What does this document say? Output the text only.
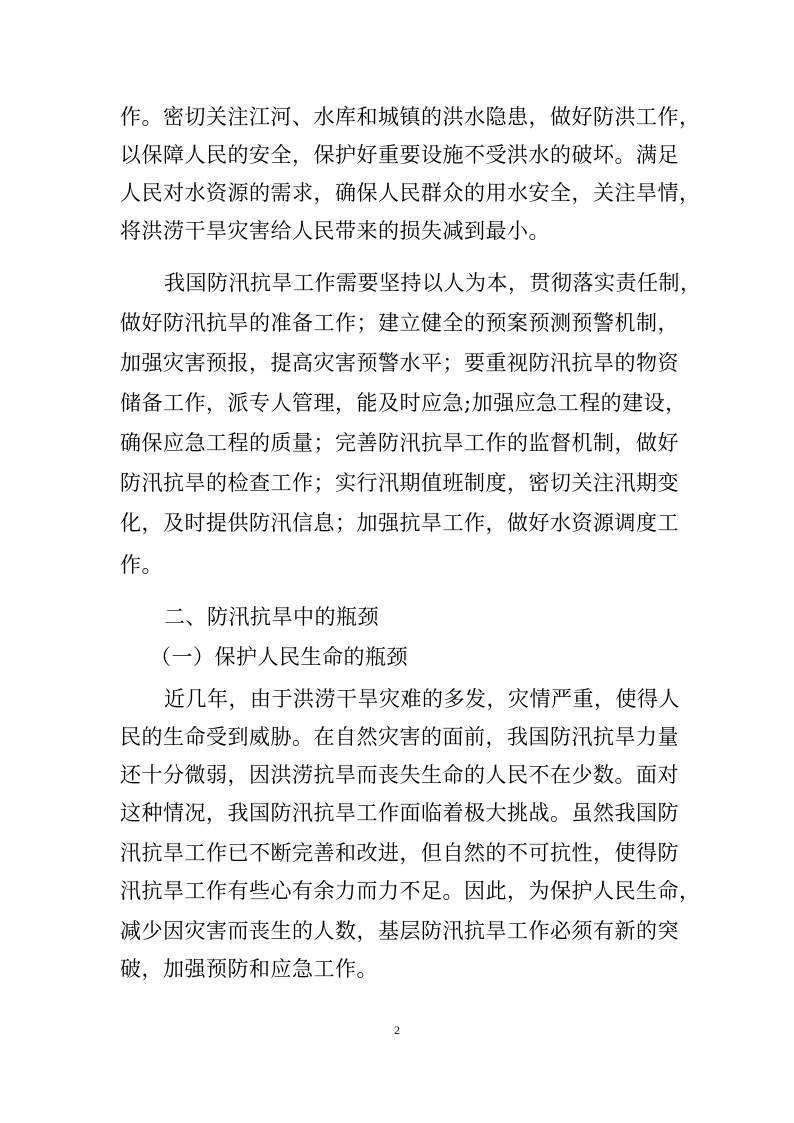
作。密切关注江河、水库和城镇的洪水隐患，做好防洪工作，
以保障人民的安全，保护好重要设施不受洪水的破坏。满足
人民对水资源的需求，确保人民群众的用水安全，关注旱情，
将洪涝干旱灾害给人民带来的损失减到最小。
我国防汛抗旱工作需要坚持以人为本，贯彻落实责任制，
做好防汛抗旱的准备工作；建立健全的预案预测预警机制，
加强灾害预报，提高灾害预警水平；要重视防汛抗旱的物资
储备工作，派专人管理，能及时应急;加强应急工程的建设，
确保应急工程的质量；完善防汛抗旱工作的监督机制，做好
防汛抗旱的检查工作；实行汛期值班制度，密切关注汛期变
化，及时提供防汛信息；加强抗旱工作，做好水资源调度工
作。
二、防汛抗旱中的瓶颈
（一）保护人民生命的瓶颈
近几年，由于洪涝干旱灾难的多发，灾情严重，使得人
民的生命受到威胁。在自然灾害的面前，我国防汛抗旱力量
还十分微弱，因洪涝抗旱而丧失生命的人民不在少数。面对
这种情况，我国防汛抗旱工作面临着极大挑战。虽然我国防
汛抗旱工作已不断完善和改进，但自然的不可抗性，使得防
汛抗旱工作有些心有余力而力不足。因此，为保护人民生命，
减少因灾害而丧生的人数，基层防汛抗旱工作必须有新的突
破，加强预防和应急工作。
2
